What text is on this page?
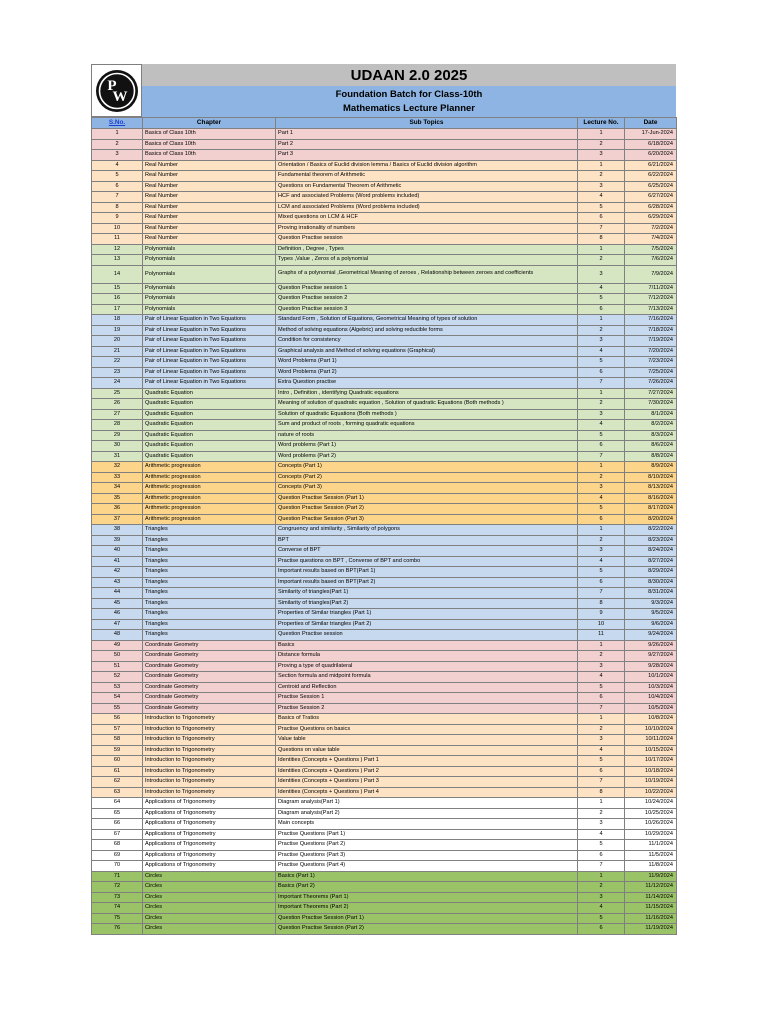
P
W
UDAAN 2.0 2025
Foundation Batch for Class-10th
Mathematics Lecture Planner
S.No.	Chapter	Sub Topics	Lecture No.	Date
1	Basics of Class 10th	Part 1	1	17-Jun-2024
2	Basics of Class 10th	Part 2	2	6/18/2024
3	Basics of Class 10th	Part 3	3	6/20/2024
4	Real Number	Orientation / Basics of Euclid division lemma / Basics of Euclid division algorithm	1	6/21/2024
5	Real Number	Fundamental theorem of Arithmetic	2	6/22/2024
6	Real Number	Questions on Fundamental Theorem of Arithmetic	3	6/25/2024
7	Real Number	HCF and associated Problems (Word problems included)	4	6/27/2024
8	Real Number	LCM and associated Problems (Word problems included)	5	6/28/2024
9	Real Number	Mixed questions on LCM & HCF	6	6/29/2024
10	Real Number	Proving irrationality of numbers	7	7/2/2024
11	Real Number	Question Practise session	8	7/4/2024
12	Polynomials	Definition , Degree , Types	1	7/5/2024
13	Polynomials	Types ,Value , Zeros of a polynomial	2	7/6/2024
14	Polynomials	Graphs of a polynomial ,Geometrical Meaning of zeroes , Relationship between zeroes and coefficients	3	7/9/2024
15	Polynomials	Question Practise session 1	4	7/11/2024
16	Polynomials	Question Practise session 2	5	7/12/2024
17	Polynomials	Question Practise session 3	6	7/13/2024
18	Pair of Linear Equation in Two Equations	Standard Form , Solution of Equations, Geometrical Meaning of types of solution	1	7/16/2024
19	Pair of Linear Equation in Two Equations	Method of solving equations (Algebric) and solving reducible forms	2	7/18/2024
20	Pair of Linear Equation in Two Equations	Condition for consistency	3	7/19/2024
21	Pair of Linear Equation in Two Equations	Graphical analysis and Method of solving equations (Graphical)	4	7/20/2024
22	Pair of Linear Equation in Two Equations	Word Problems (Part 1)	5	7/23/2024
23	Pair of Linear Equation in Two Equations	Word Problems (Part 2)	6	7/25/2024
24	Pair of Linear Equation in Two Equations	Extra Question practise	7	7/26/2024
25	Quadratic Equation	Intro , Definition , identifying Quadratic equations	1	7/27/2024
26	Quadratic Equation	Meaning of solution of quadratic equation , Solution of quadratic Equations (Both methods )	2	7/30/2024
27	Quadratic Equation	Solution of quadratic Equations (Both methods )	3	8/1/2024
28	Quadratic Equation	Sum and product of roots , forming quadratic equations	4	8/2/2024
29	Quadratic Equation	nature of roots	5	8/3/2024
30	Quadratic Equation	Word problems (Part 1)	6	8/6/2024
31	Quadratic Equation	Word problems (Part 2)	7	8/8/2024
32	Arithmetic progression	Concepts (Part 1)	1	8/9/2024
33	Arithmetic progression	Concepts (Part 2)	2	8/10/2024
34	Arithmetic progression	Concepts (Part 3)	3	8/13/2024
35	Arithmetic progression	Question Practise Session (Part 1)	4	8/16/2024
36	Arithmetic progression	Question Practise Session (Part 2)	5	8/17/2024
37	Arithmetic progression	Question Practise Session (Part 3)	6	8/20/2024
38	Triangles	Congruency and similarity , Similarity of polygons	1	8/22/2024
39	Triangles	BPT	2	8/23/2024
40	Triangles	Converse of BPT	3	8/24/2024
41	Triangles	Practise questions on BPT , Converse of BPT and combo	4	8/27/2024
42	Triangles	Important results based on BPT(Part 1)	5	8/29/2024
43	Triangles	Important results based on BPT(Part 2)	6	8/30/2024
44	Triangles	Similarity of triangles(Part 1)	7	8/31/2024
45	Triangles	Similarity of triangles(Part 2)	8	9/3/2024
46	Triangles	Properties of Similar triangles (Part 1)	9	9/5/2024
47	Triangles	Properties of Similar triangles (Part 2)	10	9/6/2024
48	Triangles	Question Practise session	11	9/24/2024
49	Coordinate Geometry	Basics	1	9/26/2024
50	Coordinate Geometry	Distance formula	2	9/27/2024
51	Coordinate Geometry	Proving a type of quadrilateral	3	9/28/2024
52	Coordinate Geometry	Section formula and midpoint formula	4	10/1/2024
53	Coordinate Geometry	Centroid and Reflection	5	10/3/2024
54	Coordinate Geometry	Practise Session 1	6	10/4/2024
55	Coordinate Geometry	Practise Session 2	7	10/5/2024
56	Introduction to Trigonometry	Basics of Tratios	1	10/8/2024
57	Introduction to Trigonometry	Practise Questions on basics	2	10/10/2024
58	Introduction to Trigonometry	Value table	3	10/11/2024
59	Introduction to Trigonometry	Questions on value table	4	10/15/2024
60	Introduction to Trigonometry	Identities (Concepts + Questions ) Part 1	5	10/17/2024
61	Introduction to Trigonometry	Identities (Concepts + Questions ) Part 2	6	10/18/2024
62	Introduction to Trigonometry	Identities (Concepts + Questions ) Part 3	7	10/19/2024
63	Introduction to Trigonometry	Identities (Concepts + Questions ) Part 4	8	10/22/2024
64	Applications of Trigonometry	Diagram analysis(Part 1)	1	10/24/2024
65	Applications of Trigonometry	Diagram analysis(Part 2)	2	10/25/2024
66	Applications of Trigonometry	Main concepts	3	10/26/2024
67	Applications of Trigonometry	Practise Questions (Part 1)	4	10/29/2024
68	Applications of Trigonometry	Practise Questions (Part 2)	5	11/1/2024
69	Applications of Trigonometry	Practise Questions (Part 3)	6	11/5/2024
70	Applications of Trigonometry	Practise Questions (Part 4)	7	11/8/2024
71	Circles	Basics (Part 1)	1	11/9/2024
72	Circles	Basics (Part 2)	2	11/12/2024
73	Circles	Important Theorems (Part 1)	3	11/14/2024
74	Circles	Important Theorems (Part 2)	4	11/15/2024
75	Circles	Question Practise Session (Part 1)	5	11/16/2024
76	Circles	Question Practise Session (Part 2)	6	11/19/2024
